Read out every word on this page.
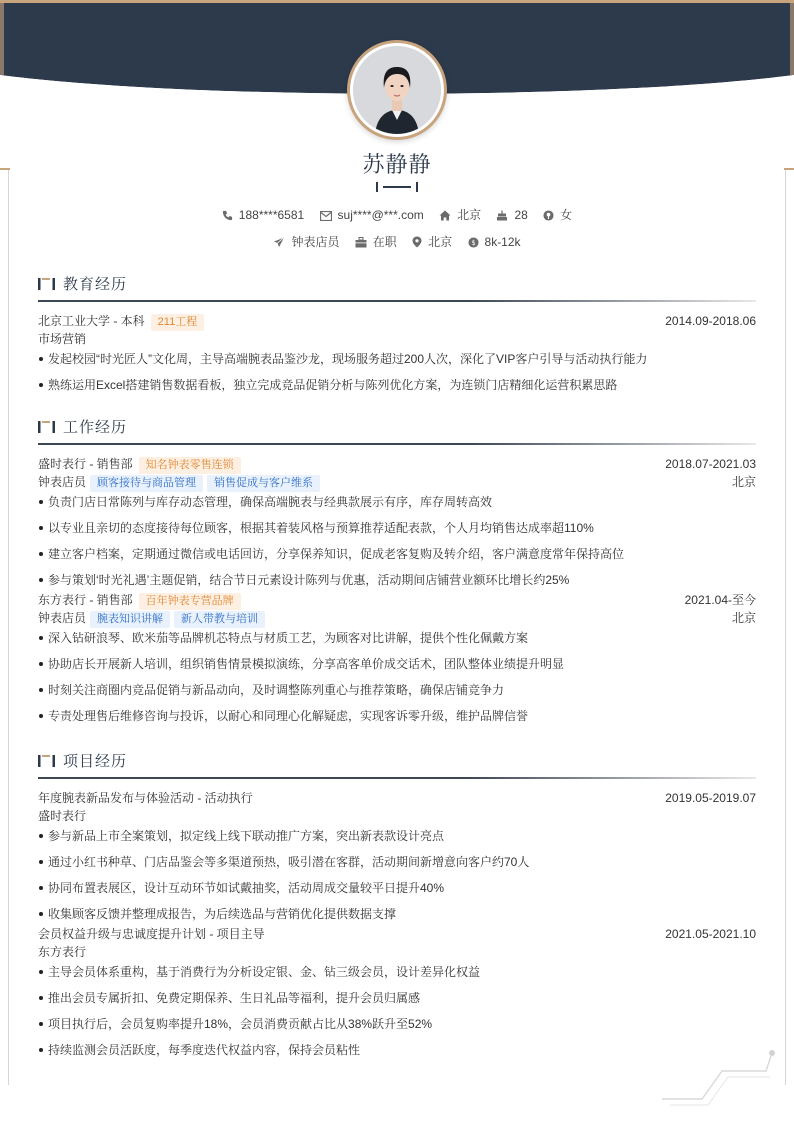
苏静静
188****6581	suj****@***.com	北京	28	女
钟表店员	在职	北京 $ 8k-12k
教育经历
北京工业大学 - 本科 211工程	2014.09-2018.06
市场营销
发起校园“时光匠人”文化周，主导高端腕表品鉴沙龙，现场服务超过200人次，深化了VIP客户引导与活动执行能力
熟练运用Excel搭建销售数据看板，独立完成竞品促销分析与陈列优化方案，为连锁门店精细化运营积累思路
工作经历
盛时表行 - 销售部 知名钟表零售连锁	2018.07-2021.03
钟表店员 顾客接待与商品管理 销售促成与客户维系	北京
负责门店日常陈列与库存动态管理，确保高端腕表与经典款展示有序，库存周转高效
以专业且亲切的态度接待每位顾客，根据其着装风格与预算推荐适配表款，个人月均销售达成率超110%
建立客户档案，定期通过微信或电话回访，分享保养知识，促成老客复购及转介绍，客户满意度常年保持高位
参与策划‘时光礼遇’主题促销，结合节日元素设计陈列与优惠，活动期间店铺营业额环比增长约25%
东方表行 - 销售部 百年钟表专营品牌	2021.04-至今
钟表店员 腕表知识讲解 新人带教与培训	北京
深入钻研浪琴、欧米茄等品牌机芯特点与材质工艺，为顾客对比讲解，提供个性化佩戴方案
协助店长开展新人培训，组织销售情景模拟演练，分享高客单价成交话术，团队整体业绩提升明显
时刻关注商圈内竞品促销与新品动向，及时调整陈列重心与推荐策略，确保店铺竞争力
专责处理售后维修咨询与投诉，以耐心和同理心化解疑虑，实现客诉零升级，维护品牌信誉
项目经历
年度腕表新品发布与体验活动 - 活动执行	2019.05-2019.07
盛时表行
参与新品上市全案策划，拟定线上线下联动推广方案，突出新表款设计亮点
通过小红书种草、门店品鉴会等多渠道预热，吸引潜在客群，活动期间新增意向客户约70人
协同布置表展区，设计互动环节如试戴抽奖，活动周成交量较平日提升40%
收集顾客反馈并整理成报告，为后续选品与营销优化提供数据支撑
会员权益升级与忠诚度提升计划 - 项目主导	2021.05-2021.10
东方表行
主导会员体系重构，基于消费行为分析设定银、金、钻三级会员，设计差异化权益
推出会员专属折扣、免费定期保养、生日礼品等福利，提升会员归属感
项目执行后，会员复购率提升18%，会员消费贡献占比从38%跃升至52%
持续监测会员活跃度，每季度迭代权益内容，保持会员粘性
